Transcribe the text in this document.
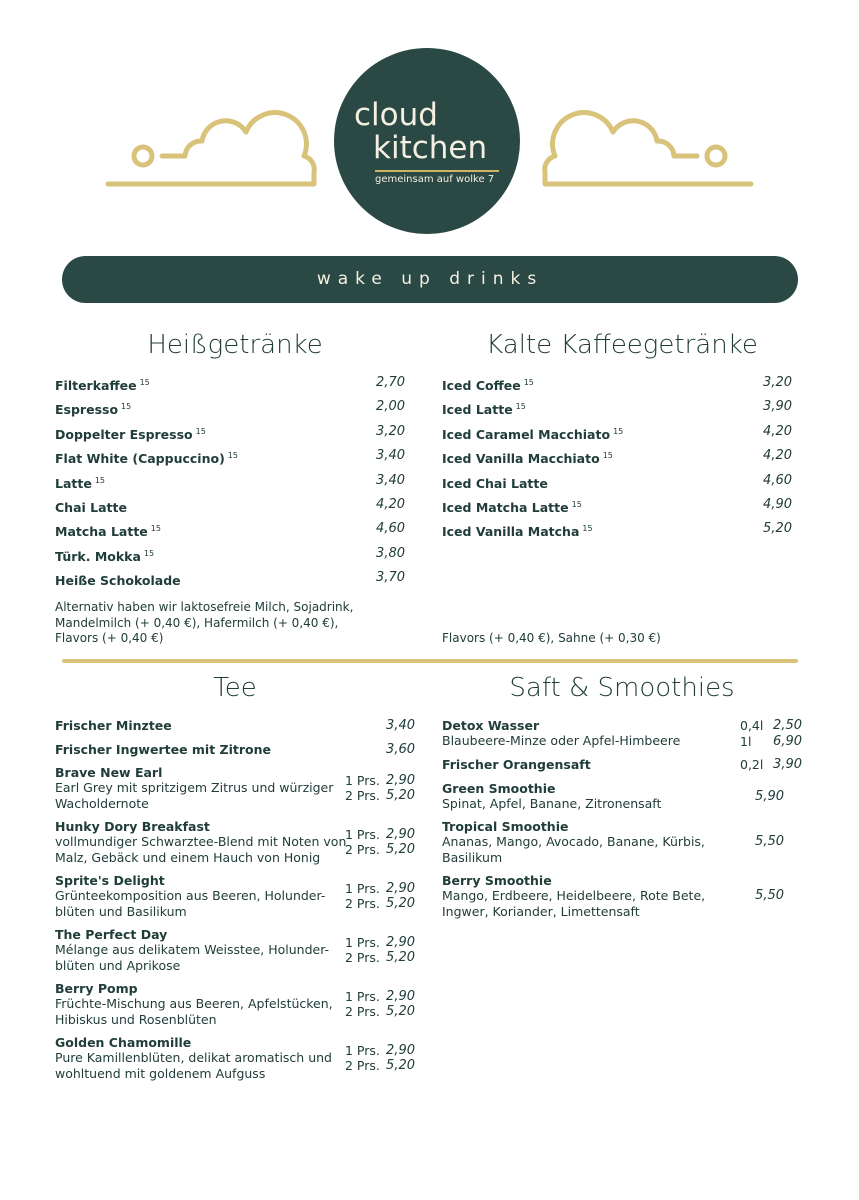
cloud
kitchen
gemeinsam auf wolke 7
wake up drinks
Heißgetränke
Filterkaffee $^{15}$	2,70
Espresso $^{15}$	2,00
Doppelter Espresso $^{15}$	3,20
Flat White (Cappuccino) $^{15}$	3,40
Latte $^{15}$	3,40
Chai Latte	4,20
Matcha Latte $^{15}$	4,60
Türk. Mokka $^{15}$	3,80
Heiße Schokolade	3,70
Alternativ haben wir laktosefreie Milch, Sojadrink,
Mandelmilch (+ 0,40 €), Hafermilch (+ 0,40 €),
Flavors (+ 0,40 €)
Kalte Kaffeegetränke
Iced Coffee $^{15}$	3,20
Iced Latte $^{15}$	3,90
Iced Caramel Macchiato $^{15}$	4,20
Iced Vanilla Macchiato $^{15}$	4,20
Iced Chai Latte	4,60
Iced Matcha Latte $^{15}$	4,90
Iced Vanilla Matcha $^{15}$	5,20
Flavors (+ 0,40 €), Sahne (+ 0,30 €)
Tee
Frischer Minztee	3,40
Frischer Ingwertee mit Zitrone	3,60
Brave New Earl
Earl Grey mit spritzigem Zitrus und würziger
Wacholdernote
1 Prs. 2,90
2 Prs. 5,20
Hunky Dory Breakfast
vollmundiger Schwarztee-Blend mit Noten von
Malz, Gebäck und einem Hauch von Honig
1 Prs. 2,90
2 Prs. 5,20
Sprite's Delight
Grünteekomposition aus Beeren, Holunder-
blüten und Basilikum
1 Prs. 2,90
2 Prs. 5,20
The Perfect Day
Mélange aus delikatem Weisstee, Holunder-
blüten und Aprikose
1 Prs. 2,90
2 Prs. 5,20
Berry Pomp
Früchte-Mischung aus Beeren, Apfelstücken,
Hibiskus und Rosenblüten
1 Prs. 2,90
2 Prs. 5,20
Golden Chamomille
Pure Kamillenblüten, delikat aromatisch und
wohltuend mit goldenem Aufguss
1 Prs. 2,90
2 Prs. 5,20
Saft & Smoothies
Detox Wasser
Blaubeere-Minze oder Apfel-Himbeere
0,4l 2,50
1l	6,90
Frischer Orangensaft	0,2l 3,90
Green Smoothie
Spinat, Apfel, Banane, Zitronensaft	5,90
Tropical Smoothie
Ananas, Mango, Avocado, Banane, Kürbis,
Basilikum
5,50
Berry Smoothie
Mango, Erdbeere, Heidelbeere, Rote Bete,
Ingwer, Koriander, Limettensaft
5,50
